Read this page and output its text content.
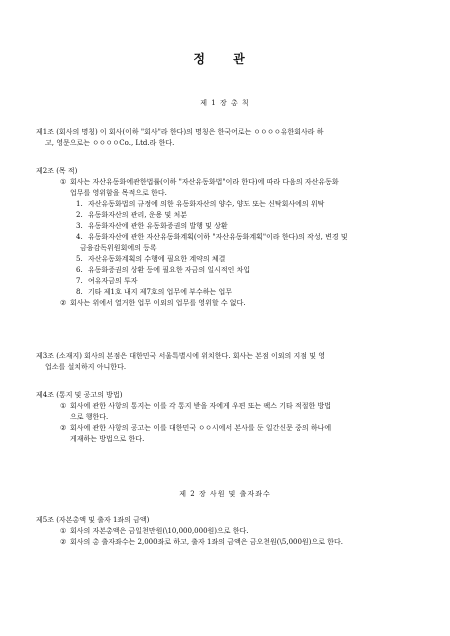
정 관
제 1 장 총 칙
제1조 (회사의 명칭) 이 회사(이하 "회사"라 한다)의 명칭은 한국어로는 ㅇㅇㅇㅇ유한회사라 하
고, 영문으로는 ㅇㅇㅇㅇCo., Ltd.라 한다.
제2조 (목 적)
① 회사는 자산유동화에관한법률(이하 "자산유동화법"이라 한다)에 따라 다음의 자산유동화
업무를 영위함을 목적으로 한다.
1. 자산유동화법의 규정에 의한 유동화자산의 양수, 양도 또는 신탁회사에의 위탁
2. 유동화자산의 관리, 운용 및 처분
3. 유동화자산에 관한 유동화증권의 발행 및 상환
4. 유동화자산에 관한 자산유동화계획(이하 "자산유동화계획"이라 한다)의 작성, 변경 및
금융감독위원회에의 등록
5. 자산유동화계획의 수행에 필요한 계약의 체결
6. 유동화증권의 상환 등에 필요한 자금의 일시적인 차입
7. 여유자금의 투자
8. 기타 제1호 내지 제7호의 업무에 부수하는 업무
② 회사는 위에서 열거한 업무 이외의 업무를 영위할 수 없다.
제3조 (소재지) 회사의 본점은 대한민국 서울특별시에 위치한다. 회사는 본점 이외의 지점 및 영
업소를 설치하지 아니한다.
제4조 (통지 및 공고의 방법)
① 회사에 관한 사항의 통지는 이를 각 통지 받을 자에게 우편 또는 팩스 기타 적절한 방법
으로 행한다.
② 회사에 관한 사항의 공고는 이를 대한민국 ㅇㅇ시에서 본사를 둔 일간신문 중의 하나에
게재하는 방법으로 한다.
제 2 장 사원 및 출자좌수
제5조 (자본총액 및 출자 1좌의 금액)
① 회사의 자본총액은 금일천만원(\10,000,000원)으로 한다.
② 회사의 총 출자좌수는 2,000좌로 하고, 출자 1좌의 금액은 금오천원(\5,000원)으로 한다.
